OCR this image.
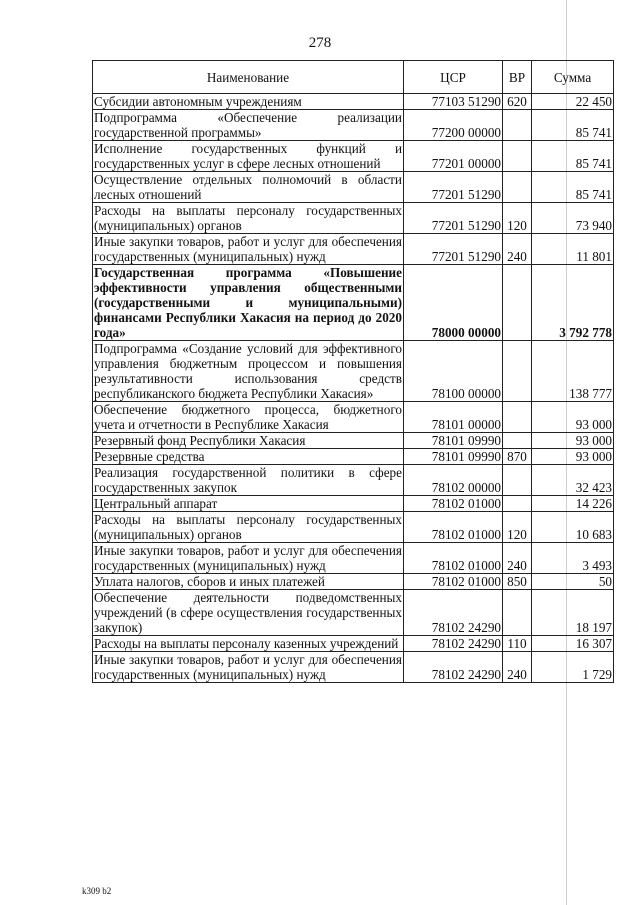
278
Наименование	ЦСР	ВР	Сумма
Субсидии автономным учреждениям	77103 51290	620	22 450
Подпрограмма «Обеспечение реализации государственной программы»	77200 00000		85 741
Исполнение государственных функций и государственных услуг в сфере лесных отношений	77201 00000		85 741
Осуществление отдельных полномочий в области лесных отношений	77201 51290		85 741
Расходы на выплаты персоналу государственных (муниципальных) органов	77201 51290	120	73 940
Иные закупки товаров, работ и услуг для обеспечения государственных (муниципальных) нужд	77201 51290	240	11 801
Государственная программа «Повышение эффективности управления общественными (государственными и муниципальными) финансами Республики Хакасия на период до 2020 года»	78000 00000		3 792 778
Подпрограмма «Создание условий для эффективного управления бюджетным процессом и повышения результативности использования средств республиканского бюджета Республики Хакасия»	78100 00000		138 777
Обеспечение бюджетного процесса, бюджетного учета и отчетности в Республике Хакасия	78101 00000		93 000
Резервный фонд Республики Хакасия	78101 09990		93 000
Резервные средства	78101 09990	870	93 000
Реализация государственной политики в сфере государственных закупок	78102 00000		32 423
Центральный аппарат	78102 01000		14 226
Расходы на выплаты персоналу государственных (муниципальных) органов	78102 01000	120	10 683
Иные закупки товаров, работ и услуг для обеспечения государственных (муниципальных) нужд	78102 01000	240	3 493
Уплата налогов, сборов и иных платежей	78102 01000	850	50
Обеспечение деятельности подведомственных учреждений (в сфере осуществления государственных закупок)	78102 24290		18 197
Расходы на выплаты персоналу казенных учреждений	78102 24290	110	16 307
Иные закупки товаров, работ и услуг для обеспечения государственных (муниципальных) нужд	78102 24290	240	1 729
k309 b2
